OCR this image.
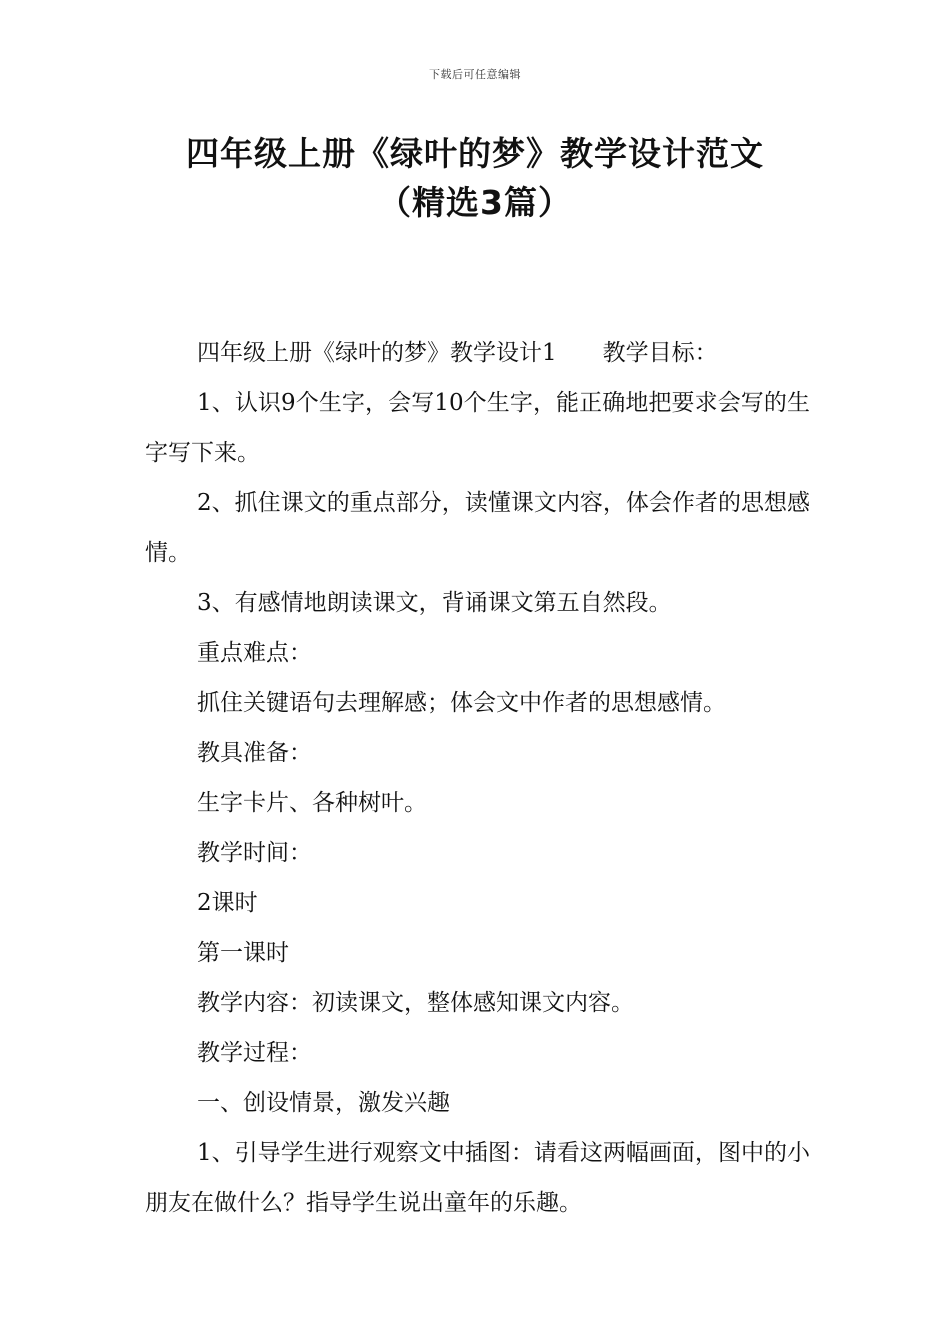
下载后可任意编辑
四年级上册《绿叶的梦》教学设计范文
（精选3篇）

四年级上册《绿叶的梦》教学设计1 教学目标：

1、认识9个生字，会写10个生字，能正确地把要求会写的生字写下来。

2、抓住课文的重点部分，读懂课文内容，体会作者的思想感情。

3、有感情地朗读课文，背诵课文第五自然段。

重点难点：

抓住关键语句去理解感；体会文中作者的思想感情。

教具准备：

生字卡片、各种树叶。

教学时间：

2课时

第一课时

教学内容：初读课文，整体感知课文内容。

教学过程：

一、创设情景，激发兴趣

1、引导学生进行观察文中插图：请看这两幅画面，图中的小朋友在做什么？指导学生说出童年的乐趣。
